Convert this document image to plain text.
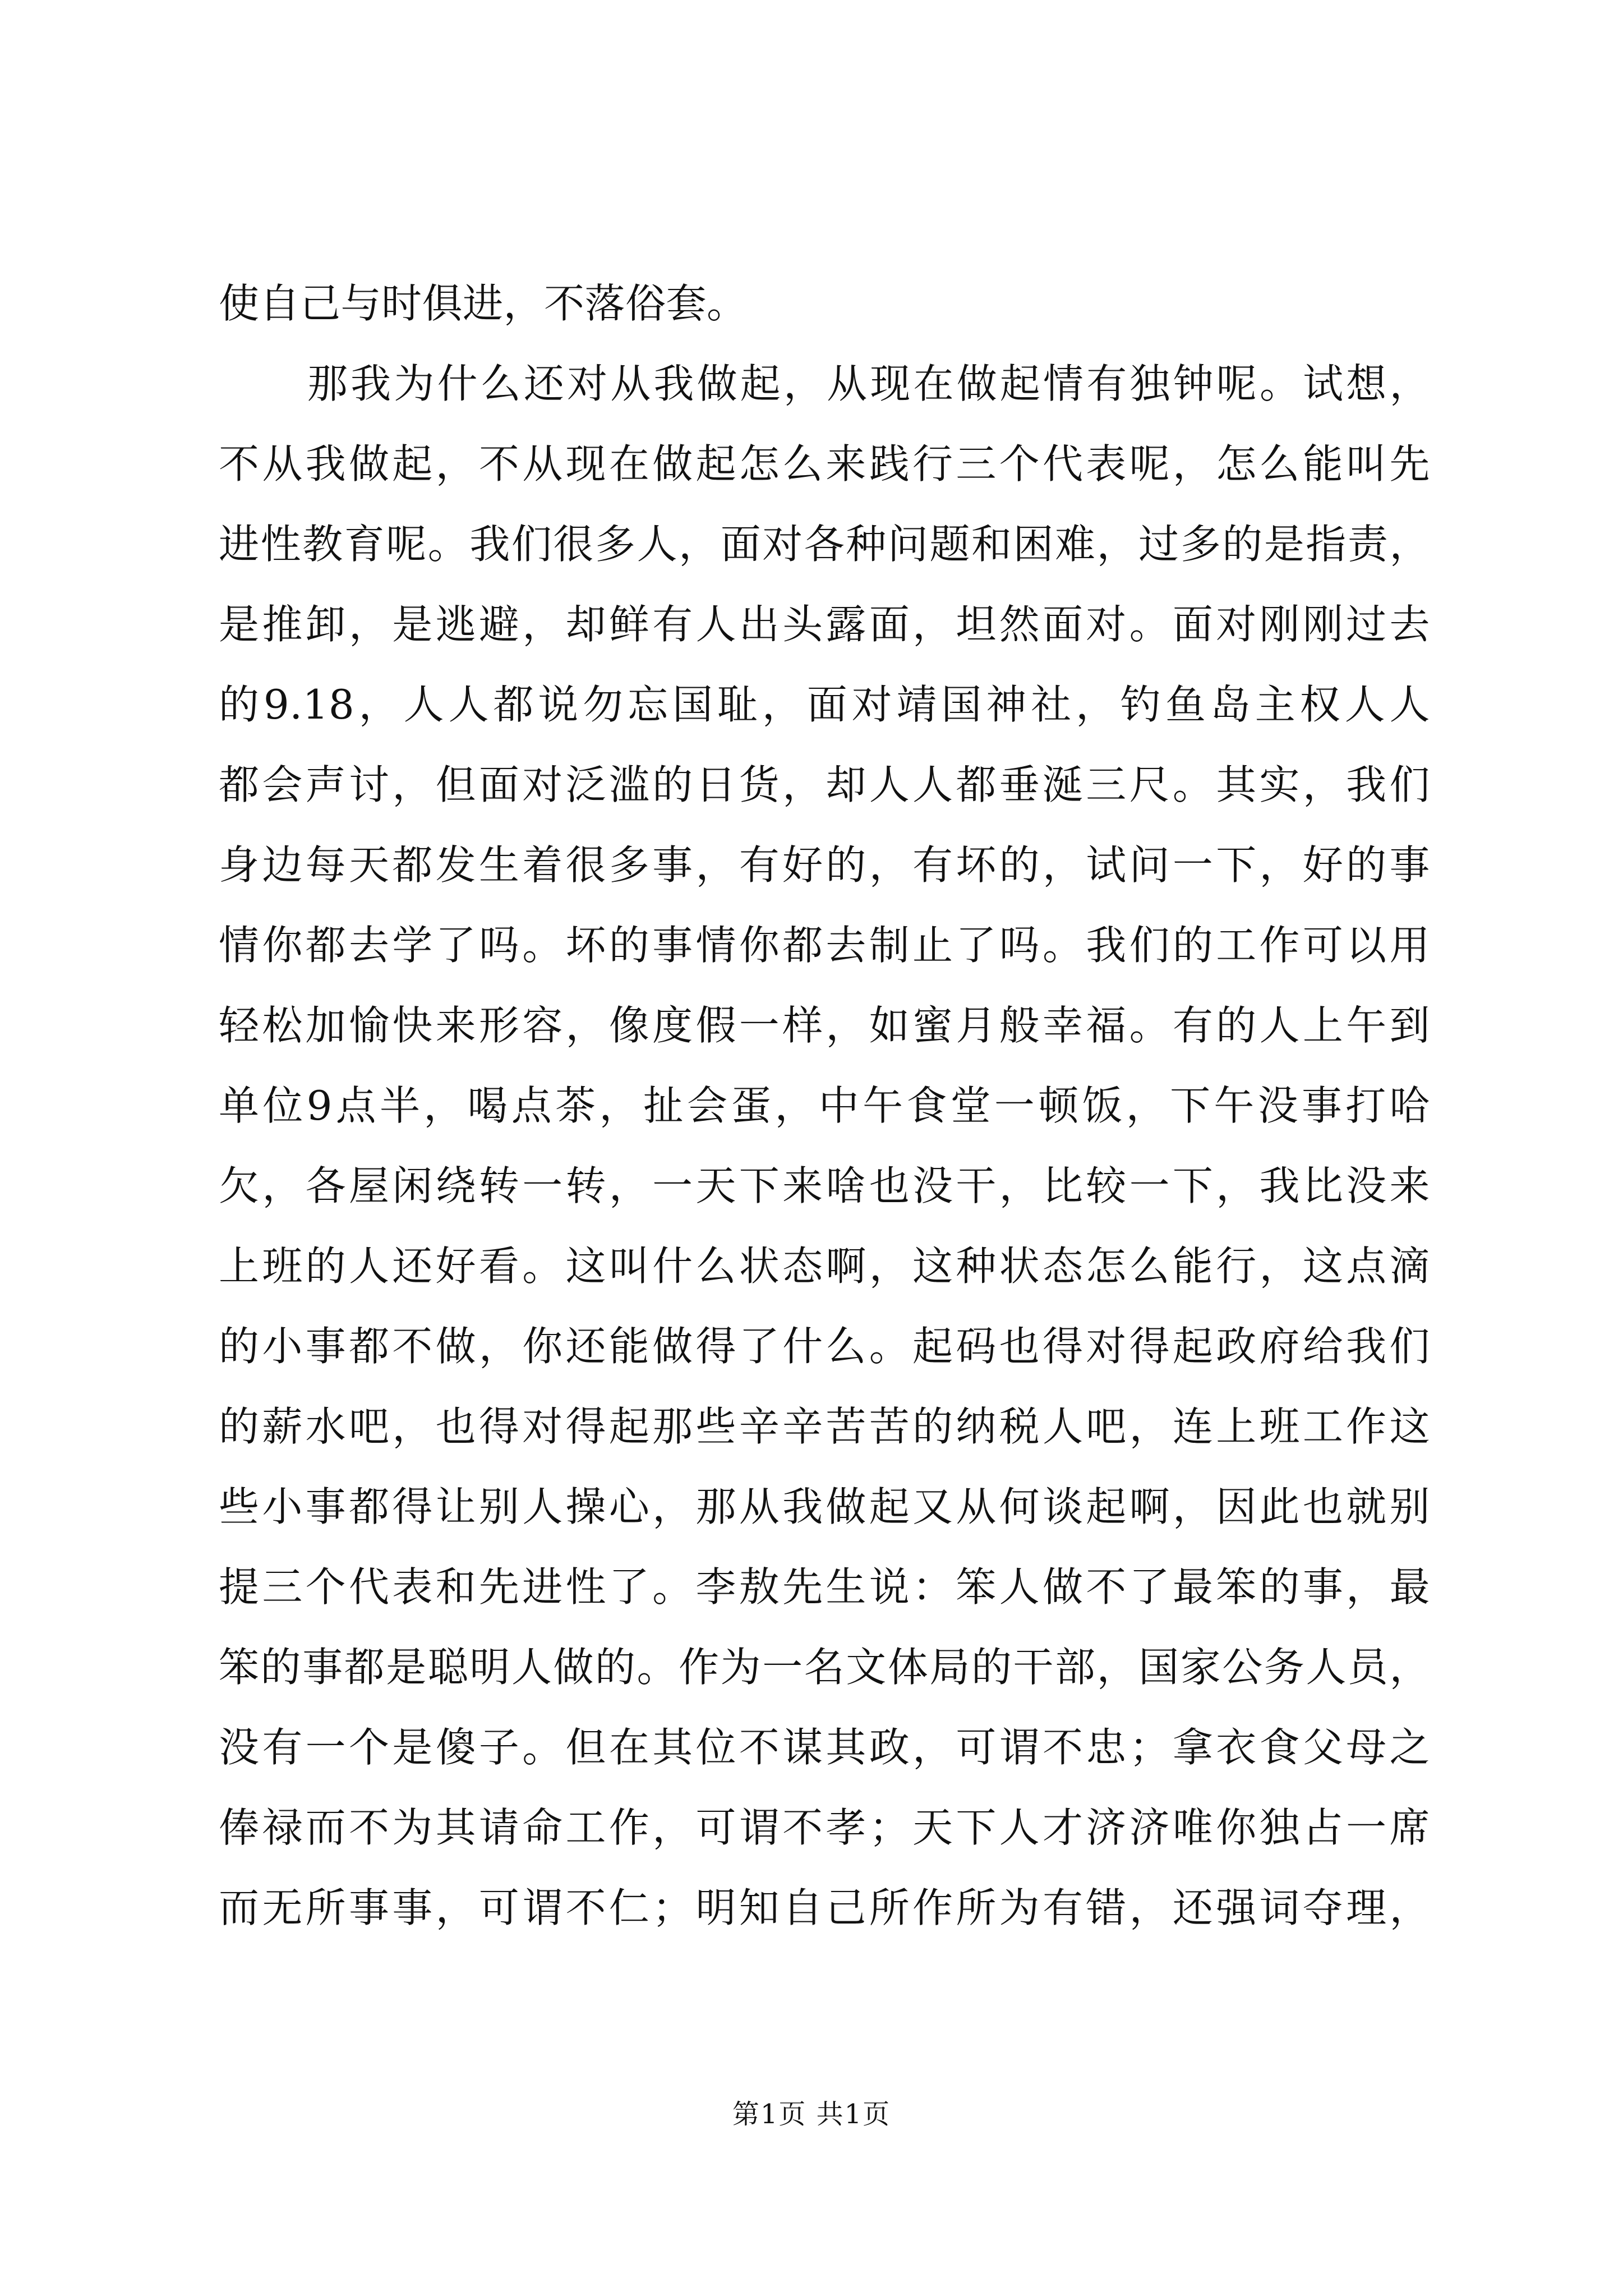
使自己与时俱进，不落俗套。
那我为什么还对从我做起，从现在做起情有独钟呢。试想，
不从我做起，不从现在做起怎么来践行三个代表呢，怎么能叫先
进性教育呢。我们很多人，面对各种问题和困难，过多的是指责，
是推卸，是逃避，却鲜有人出头露面，坦然面对。面对刚刚过去
的9.18，人人都说勿忘国耻，面对靖国神社，钓鱼岛主权人人
都会声讨，但面对泛滥的日货，却人人都垂涎三尺。其实，我们
身边每天都发生着很多事，有好的，有坏的，试问一下，好的事
情你都去学了吗。坏的事情你都去制止了吗。我们的工作可以用
轻松加愉快来形容，像度假一样，如蜜月般幸福。有的人上午到
单位9点半，喝点茶，扯会蛋，中午食堂一顿饭，下午没事打哈
欠，各屋闲绕转一转，一天下来啥也没干，比较一下，我比没来
上班的人还好看。这叫什么状态啊，这种状态怎么能行，这点滴
的小事都不做，你还能做得了什么。起码也得对得起政府给我们
的薪水吧，也得对得起那些辛辛苦苦的纳税人吧，连上班工作这
些小事都得让别人操心，那从我做起又从何谈起啊，因此也就别
提三个代表和先进性了。李敖先生说：笨人做不了最笨的事，最
笨的事都是聪明人做的。作为一名文体局的干部，国家公务人员，
没有一个是傻子。但在其位不谋其政，可谓不忠；拿衣食父母之
俸禄而不为其请命工作，可谓不孝；天下人才济济唯你独占一席
而无所事事，可谓不仁；明知自己所作所为有错，还强词夺理，
第1页 共1页
